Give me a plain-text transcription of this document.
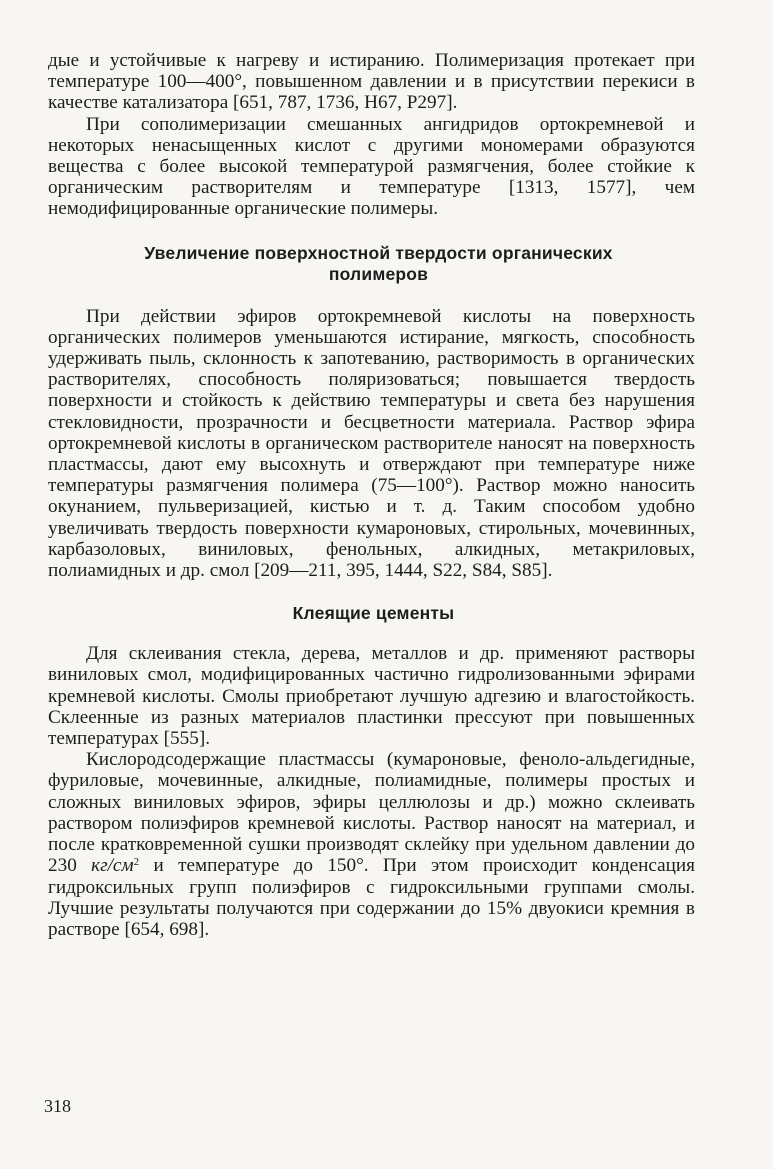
дые и устойчивые к нагреву и истиранию. Полимеризация протекает при температуре 100—400°, повышенном давлении и в присутствии перекиси в качестве катализатора [651, 787, 1736, Н67, Р297].

При сополимеризации смешанных ангидридов ортокремневой и некоторых ненасыщенных кислот с другими мономерами образуются вещества с более высокой температурой размягчения, более стойкие к органическим растворителям и температуре [1313, 1577], чем немодифицированные органические полимеры.

Увеличение поверхностной твердости органических полимеров

При действии эфиров ортокремневой кислоты на поверхность органических полимеров уменьшаются истирание, мягкость, способность удерживать пыль, склонность к запотеванию, растворимость в органических растворителях, способность поляризоваться; повышается твердость поверхности и стойкость к действию температуры и света без нарушения стекловидности, прозрачности и бесцветности материала. Раствор эфира ортокремневой кислоты в органическом растворителе наносят на поверхность пластмассы, дают ему высохнуть и отверждают при температуре ниже температуры размягчения полимера (75—100°). Раствор можно наносить окунанием, пульверизацией, кистью и т. д. Таким способом удобно увеличивать твердость поверхности кумароновых, стирольных, мочевинных, карбазоловых, виниловых, фенольных, алкидных, метакриловых, полиамидных и др. смол [209—211, 395, 1444, S22, S84, S85].

Клеящие цементы

Для склеивания стекла, дерева, металлов и др. применяют растворы виниловых смол, модифицированных частично гидролизованными эфирами кремневой кислоты. Смолы приобретают лучшую адгезию и влагостойкость. Склеенные из разных материалов пластинки прессуют при повышенных температурах [555].

Кислородсодержащие пластмассы (кумароновые, феноло-альдегидные, фуриловые, мочевинные, алкидные, полиамидные, полимеры простых и сложных виниловых эфиров, эфиры целлюлозы и др.) можно склеивать раствором полиэфиров кремневой кислоты. Раствор наносят на материал, и после кратковременной сушки производят склейку при удельном давлении до 230 $кг/см^2$ и температуре до 150°. При этом происходит конденсация гидроксильных групп полиэфиров с гидроксильными группами смолы. Лучшие результаты получаются при содержании до 15% двуокиси кремния в растворе [654, 698].

318
